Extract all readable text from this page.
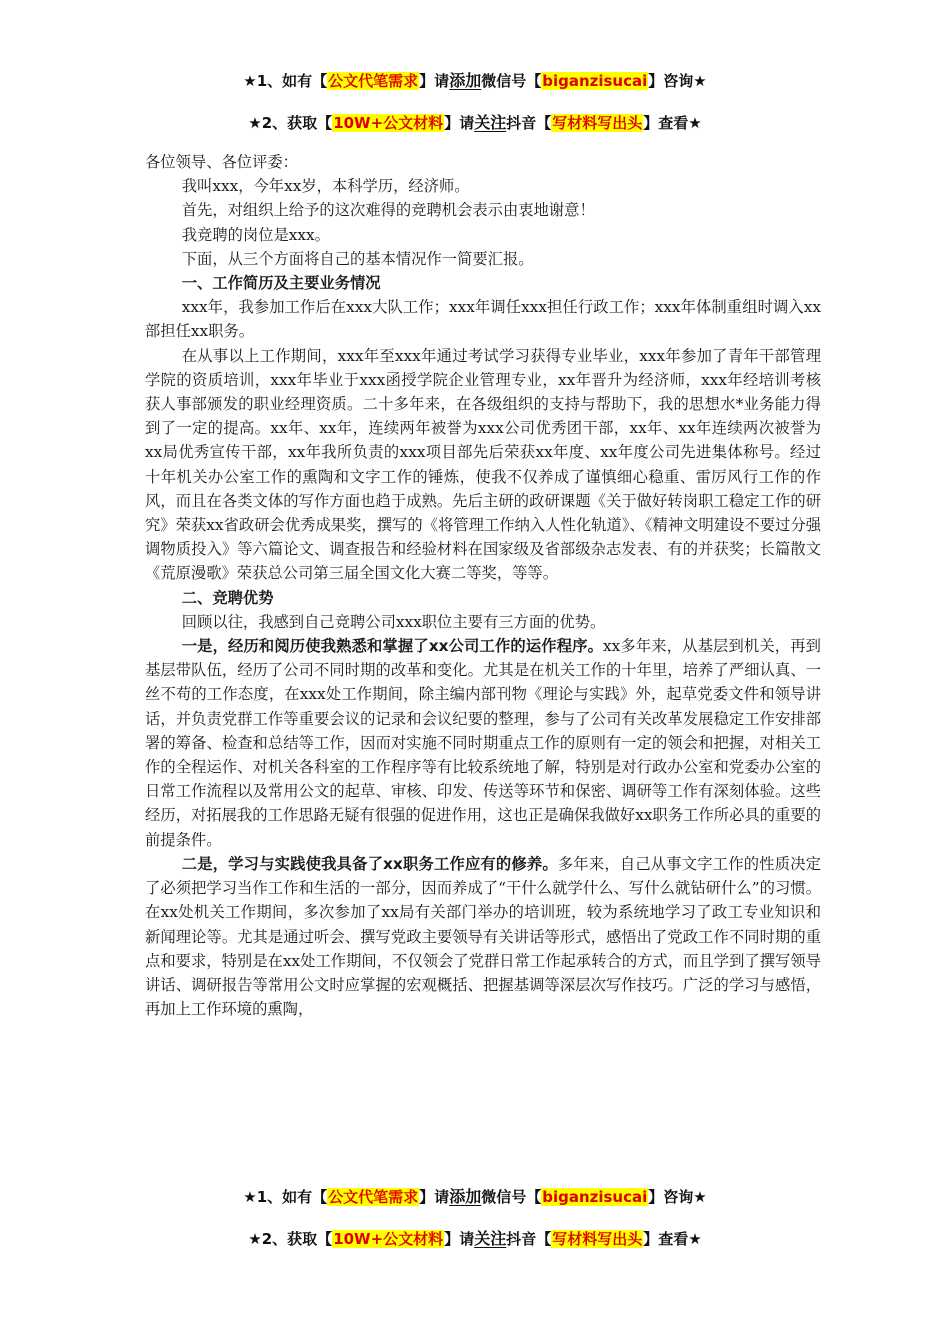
★1、如有【公文代笔需求】请添加微信号【biganzisucai】咨询★
★2、获取【10W+公文材料】请关注抖音【写材料写出头】查看★

各位领导、各位评委：

我叫xxx，今年xx岁，本科学历，经济师。

首先，对组织上给予的这次难得的竞聘机会表示由衷地谢意！

我竞聘的岗位是xxx。

下面，从三个方面将自己的基本情况作一简要汇报。

一、工作简历及主要业务情况

xxx年，我参加工作后在xxx大队工作；xxx年调任xxx担任行政工作；xxx年体制重组时调入xx部担任xx职务。

在从事以上工作期间，xxx年至xxx年通过考试学习获得专业毕业，xxx年参加了青年干部管理学院的资质培训，xxx年毕业于xxx函授学院企业管理专业，xx年晋升为经济师，xxx年经培训考核获人事部颁发的职业经理资质。二十多年来，在各级组织的支持与帮助下，我的思想水*业务能力得到了一定的提高。xx年、xx年，连续两年被誉为xxx公司优秀团干部，xx年、xx年连续两次被誉为xx局优秀宣传干部，xx年我所负责的xxx项目部先后荣获xx年度、xx年度公司先进集体称号。经过十年机关办公室工作的熏陶和文字工作的锤炼，使我不仅养成了谨慎细心稳重、雷厉风行工作的作风，而且在各类文体的写作方面也趋于成熟。先后主研的政研课题《关于做好转岗职工稳定工作的研究》荣获xx省政研会优秀成果奖，撰写的《将管理工作纳入人性化轨道》、《精神文明建设不要过分强调物质投入》等六篇论文、调查报告和经验材料在国家级及省部级杂志发表、有的并获奖；长篇散文《荒原漫歌》荣获总公司第三届全国文化大赛二等奖，等等。

二、竞聘优势

回顾以往，我感到自己竞聘公司xxx职位主要有三方面的优势。

一是，经历和阅历使我熟悉和掌握了xx公司工作的运作程序。xx多年来，从基层到机关，再到基层带队伍，经历了公司不同时期的改革和变化。尤其是在机关工作的十年里，培养了严细认真、一丝不苟的工作态度，在xxx处工作期间，除主编内部刊物《理论与实践》外，起草党委文件和领导讲话，并负责党群工作等重要会议的记录和会议纪要的整理，参与了公司有关改革发展稳定工作安排部署的筹备、检查和总结等工作，因而对实施不同时期重点工作的原则有一定的领会和把握，对相关工作的全程运作、对机关各科室的工作程序等有比较系统地了解，特别是对行政办公室和党委办公室的日常工作流程以及常用公文的起草、审核、印发、传送等环节和保密、调研等工作有深刻体验。这些经历，对拓展我的工作思路无疑有很强的促进作用，这也正是确保我做好xx职务工作所必具的重要的前提条件。

二是，学习与实践使我具备了xx职务工作应有的修养。多年来，自己从事文字工作的性质决定了必须把学习当作工作和生活的一部分，因而养成了“干什么就学什么、写什么就钻研什么”的习惯。在xx处机关工作期间，多次参加了xx局有关部门举办的培训班，较为系统地学习了政工专业知识和新闻理论等。尤其是通过听会、撰写党政主要领导有关讲话等形式，感悟出了党政工作不同时期的重点和要求，特别是在xx处工作期间，不仅领会了党群日常工作起承转合的方式，而且学到了撰写领导讲话、调研报告等常用公文时应掌握的宏观概括、把握基调等深层次写作技巧。广泛的学习与感悟，再加上工作环境的熏陶，

★1、如有【公文代笔需求】请添加微信号【biganzisucai】咨询★
★2、获取【10W+公文材料】请关注抖音【写材料写出头】查看★
